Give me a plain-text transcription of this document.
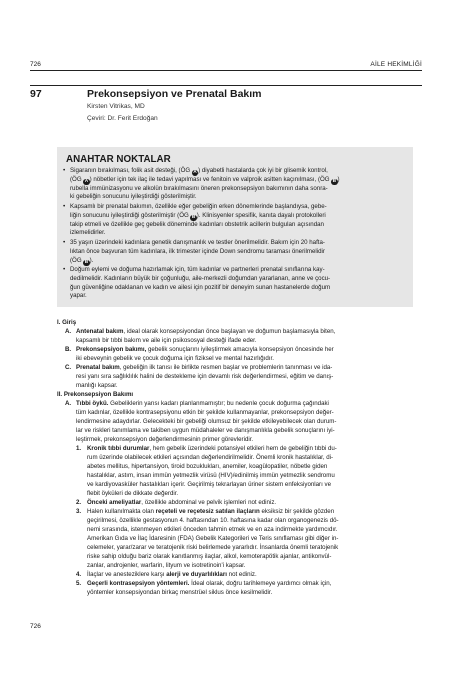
726	AİLE HEKİMLİĞİ
97	Prekonsepsiyon ve Prenatal Bakım
Kirsten Vitrikas, MD
Çeviri: Dr. Ferit Erdoğan
ANAHTAR NOKTALAR
• Sigaranın bırakılması, folik asit desteği, (ÖG A) diyabetli hastalarda çok iyi bir glisemik kontrol,
(ÖG A) nöbetler için tek ilaç ile tedavi yapılması ve fenitoin ve valproik asitten kaçınılması, (ÖG B)
rubella immünizasyonu ve alkolün bırakılmasını öneren prekonsepsiyon bakımının daha sonra-
ki gebeliğin sonucunu iyileştirdiği gösterilmiştir.
• Kapsamlı bir prenatal bakımın, özellikle eğer gebeliğin erken dönemlerinde başlandıysa, gebe-
liğin sonucunu iyileştirdiği gösterilmiştir (ÖG B). Klinisyenler spesifik, kanıta dayalı protokolleri
takip etmeli ve özellikle geç gebelik döneminde kadınları obstetrik acillerin bulguları açısından
izlemelidirler.
• 35 yaşın üzerindeki kadınlara genetik danışmanlık ve testler önerilmelidir. Bakım için 20 hafta-
lıktan önce başvuran tüm kadınlara, ilk trimester içinde Down sendromu taraması önerilmelidir
(ÖG B).
• Doğum eylemi ve doğuma hazırlamak için, tüm kadınlar ve partnerleri prenatal sınıflarına kay-
dedilmelidir. Kadınların büyük bir çoğunluğu, aile-merkezli doğumdan yararlanan, anne ve çocu-
ğun güvenliğine odaklanan ve kadın ve ailesi için pozitif bir deneyim sunan hastanelerde doğum
yapar.
I. Giriş
A. Antenatal bakım, ideal olarak konsepsiyondan önce başlayan ve doğumun başlamasıyla biten,
kapsamlı bir tıbbi bakım ve aile için psikososyal desteği ifade eder.
B. Prekonsepsiyon bakımı, gebelik sonuçlarını iyileştirmek amacıyla konsepsiyon öncesinde her
iki ebeveynin gebelik ve çocuk doğuma için fiziksel ve mental hazırlığıdır.
C. Prenatal bakım, gebeliğin ilk tanısı ile birlikte resmen başlar ve problemlerin tanınması ve ida-
resi yanı sıra sağlıklılık halini de destekleme için devamlı risk değerlendirmesi, eğitim ve danış-
manlığı kapsar.
II. Prekonsepsiyon Bakımı
A. Tıbbi öykü. Gebeliklerin yarısı kadarı planlanmamıştır; bu nedenle çocuk doğurma çağındaki
tüm kadınlar, özellikle kontrasepsiyonu etkin bir şekilde kullanmayanlar, prekonsepsiyon değer-
lendirmesine adaydırlar. Gelecekteki bir gebeliği olumsuz bir şekilde etkileyebilecek olan durum-
lar ve riskleri tanımlama ve takiben uygun müdahaleler ve danışmanlıkla gebelik sonuçlarını iyi-
leştirmek, prekonsepsiyon değerlendirmesinin primer görevleridir.
1. Kronik tıbbi durumlar, hem gebelik üzerindeki potansiyel etkileri hem de gebeliğin tıbbi du-
rum üzerinde olabilecek etkileri açısından değerlendirilmelidir. Önemli kronik hastalıklar, di-
abetes mellitus, hipertansiyon, tiroid bozuklukları, anemiler, koagülopatiler, nöbetle giden
hastalıklar, astım, insan immün yetmezlik virüsü (HIV)/edinilmiş immün yetmezlik sendromu
ve kardiyovasküler hastalıkları içerir. Geçirilmiş tekrarlayan üriner sistem enfeksiyonları ve
flebit öyküleri de dikkate değerdir.
2. Önceki ameliyatlar, özellikle abdominal ve pelvik işlemleri not ediniz.
3. Halen kullanılmakta olan reçeteli ve reçetesiz satılan ilaçların eksiksiz bir şekilde gözden
geçirilmesi, özellikle gestasyonun 4. haftasından 10. haftasına kadar olan organogenezis dö-
nemi sırasında, istenmeyen etkileri önceden tahmin etmek ve en aza indirmekte yardımcıdır.
Amerikan Gıda ve İlaç İdaresinin (FDA) Gebelik Kategorileri ve Teris sınıflaması gibi diğer in-
celemeler, yarar/zarar ve teratojenik riski belirlemede yararlıdır. İnsanlarda önemli teratojenik
riske sahip olduğu bariz olarak kanıtlanmış ilaçlar, alkol, kemoterapötik ajanlar, antikonvül-
zanlar, androjenler, warfarin, lityum ve isotretinoin'i kapsar.
4. İlaçlar ve anesteziklere karşı alerji ve duyarlılıkları not ediniz.
5. Geçerli kontrasepsiyon yöntemleri. İdeal olarak, doğru tarihlemeye yardımcı olmak için,
yöntemler konsepsiyondan birkaç menstrüel siklus önce kesilmelidir.
726
